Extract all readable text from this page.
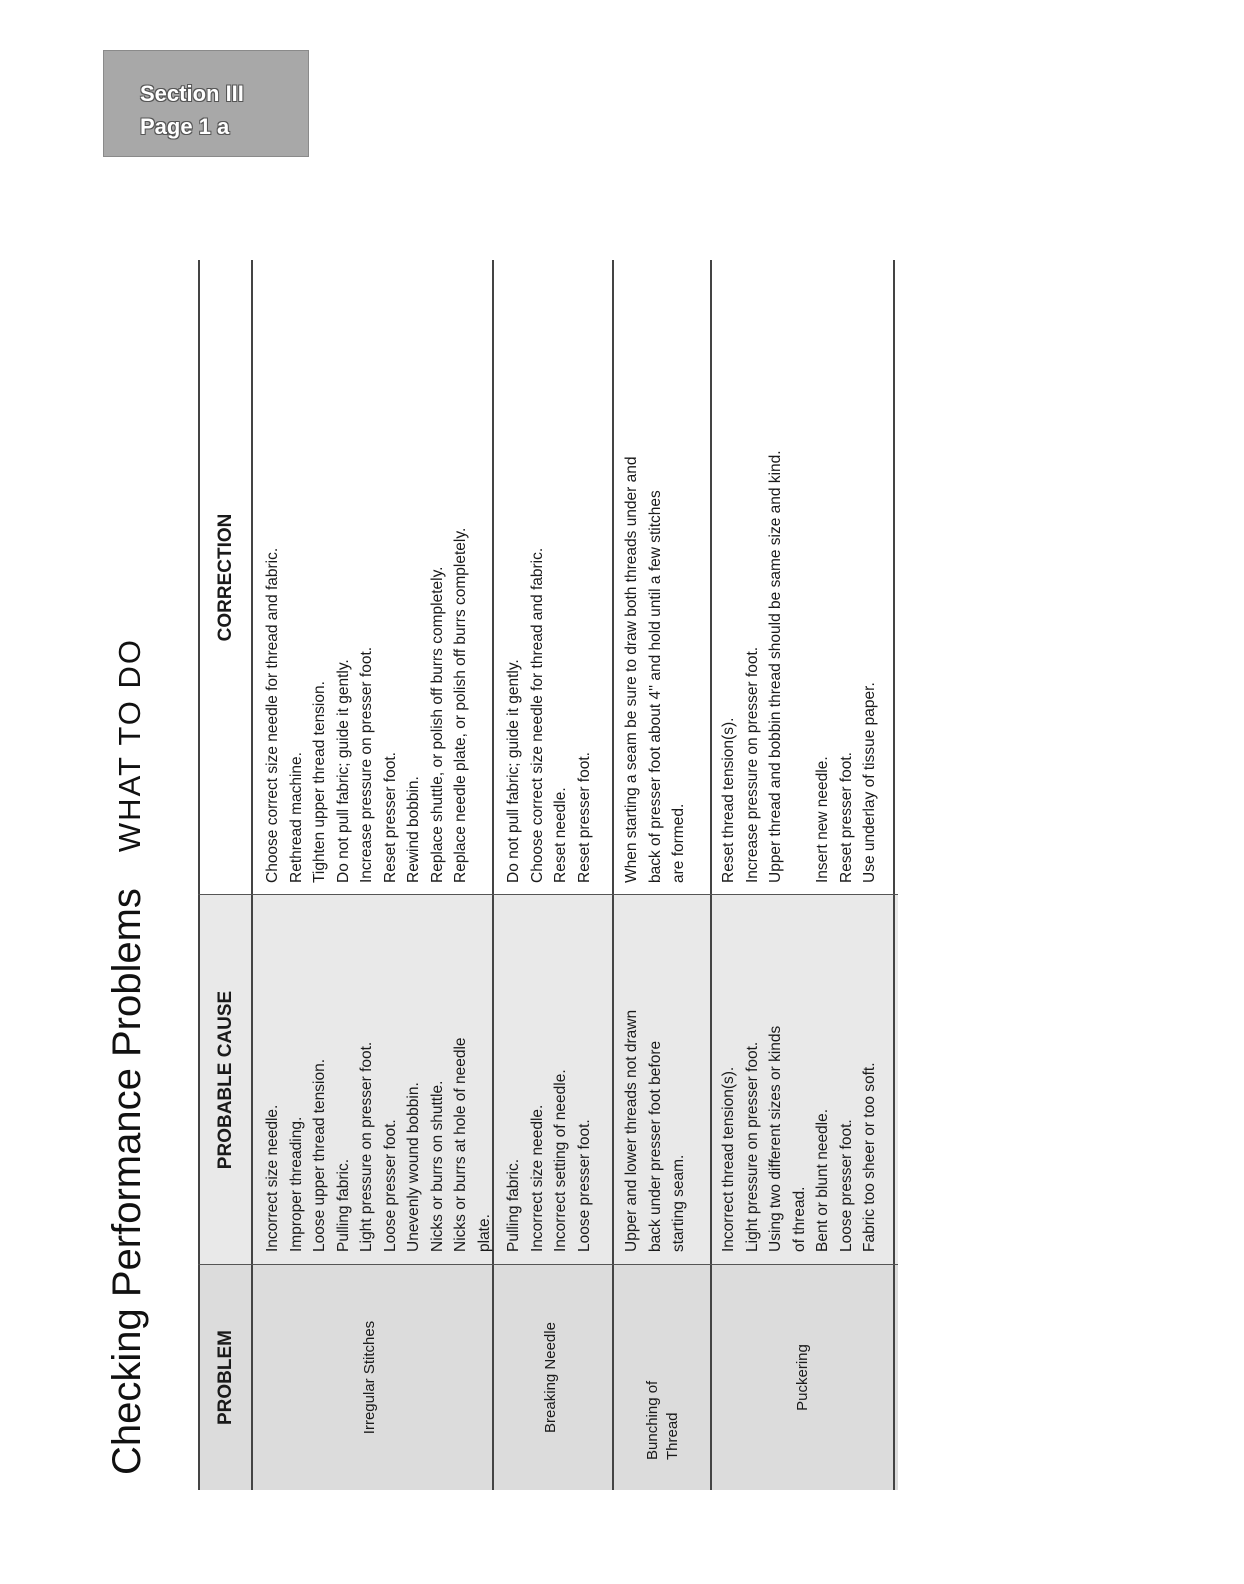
Section III
Page 1 a
Checking Performance ProblemsWHAT TO DO
PROBLEM
PROBABLE CAUSE
CORRECTION
Irregular Stitches
Incorrect size needle.
Improper threading.
Loose upper thread tension.
Pulling fabric.
Light pressure on presser foot.
Loose presser foot.
Unevenly wound bobbin.
Nicks or burrs on shuttle.
Nicks or burrs at hole of needle
plate.
Choose correct size needle for thread and fabric.
Rethread machine.
Tighten upper thread tension.
Do not pull fabric; guide it gently.
Increase pressure on presser foot.
Reset presser foot.
Rewind bobbin.
Replace shuttle, or polish off burrs completely.
Replace needle plate, or polish off burrs completely.
Breaking Needle
Pulling fabric.
Incorrect size needle.
Incorrect setting of needle.
Loose presser foot.
Do not pull fabric; guide it gently.
Choose correct size needle for thread and fabric.
Reset needle.
Reset presser foot.
Bunching of
Thread
Upper and lower threads not drawn
back under presser foot before
starting seam.
When starting a seam be sure to draw both threads under and
back of presser foot about 4'' and hold until a few stitches
are formed.
Puckering
Incorrect thread tension(s).
Light pressure on presser foot.
Using two different sizes or kinds
of thread.
Bent or blunt needle.
Loose presser foot.
Fabric too sheer or too soft.
Reset thread tension(s).
Increase pressure on presser foot.
Upper thread and bobbin thread should be same size and kind.

Insert new needle.
Reset presser foot.
Use underlay of tissue paper.
